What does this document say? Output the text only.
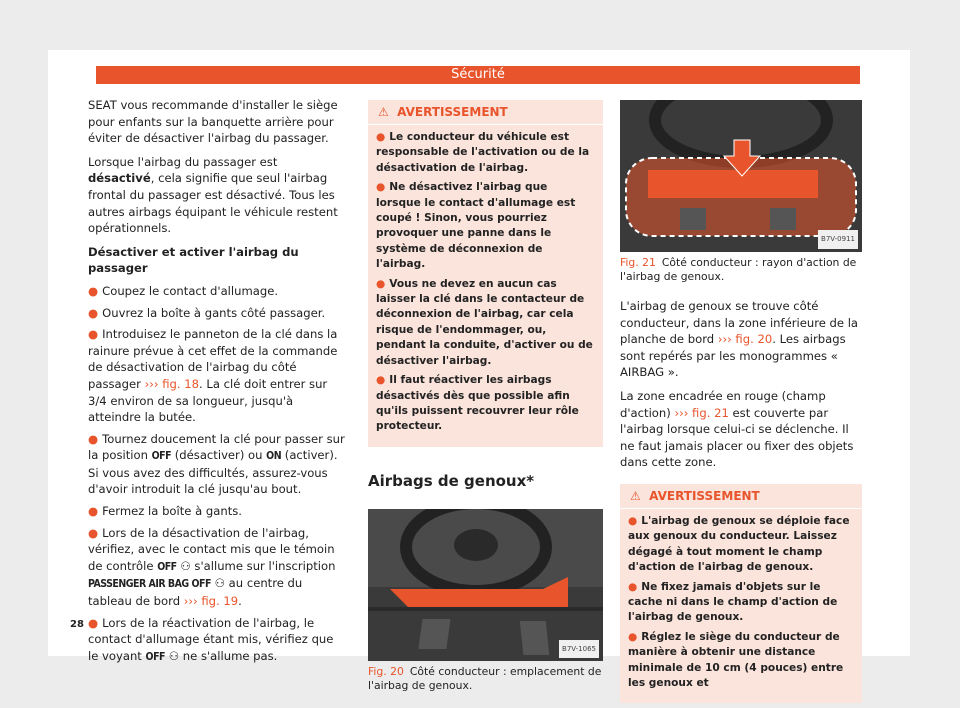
Sécurité

SEAT vous recommande d'installer le siège pour enfants sur la banquette arrière pour éviter de désactiver l'airbag du passager.

Lorsque l'airbag du passager est désactivé, cela signifie que seul l'airbag frontal du passager est désactivé. Tous les autres airbags équipant le véhicule restent opérationnels.

Désactiver et activer l'airbag du passager
● Coupez le contact d'allumage.
● Ouvrez la boîte à gants côté passager.
● Introduisez le panneton de la clé dans la rainure prévue à cet effet de la commande de désactivation de l'airbag du côté passager ››› fig. 18. La clé doit entrer sur 3/4 environ de sa longueur, jusqu'à atteindre la butée.
● Tournez doucement la clé pour passer sur la position OFF (désactiver) ou ON (activer). Si vous avez des difficultés, assurez-vous d'avoir introduit la clé jusqu'au bout.
● Fermez la boîte à gants.
● Lors de la désactivation de l'airbag, vérifiez, avec le contact mis que le témoin de contrôle OFF ⚇ s'allume sur l'inscription PASSENGER AIR BAG OFF ⚇ au centre du tableau de bord ››› fig. 19.
● Lors de la réactivation de l'airbag, le contact d'allumage étant mis, vérifiez que le voyant OFF ⚇ ne s'allume pas.
⚠ AVERTISSEMENT
● Le conducteur du véhicule est responsable de l'activation ou de la désactivation de l'airbag.
● Ne désactivez l'airbag que lorsque le contact d'allumage est coupé ! Sinon, vous pourriez provoquer une panne dans le système de déconnexion de l'airbag.
● Vous ne devez en aucun cas laisser la clé dans le contacteur de déconnexion de l'airbag, car cela risque de l'endommager, ou, pendant la conduite, d'activer ou de désactiver l'airbag.
● Il faut réactiver les airbags désactivés dès que possible afin qu'ils puissent recouvrer leur rôle protecteur.
Airbags de genoux*
B7V-1065
Fig. 20 Côté conducteur : emplacement de l'airbag de genoux.
B7V-0911
Fig. 21 Côté conducteur : rayon d'action de l'airbag de genoux.

L'airbag de genoux se trouve côté conducteur, dans la zone inférieure de la planche de bord ››› fig. 20. Les airbags sont repérés par les monogrammes « AIRBAG ».

La zone encadrée en rouge (champ d'action) ››› fig. 21 est couverte par l'airbag lorsque celui-ci se déclenche. Il ne faut jamais placer ou fixer des objets dans cette zone.

⚠ AVERTISSEMENT
● L'airbag de genoux se déploie face aux genoux du conducteur. Laissez dégagé à tout moment le champ d'action de l'airbag de genoux.
● Ne fixez jamais d'objets sur le cache ni dans le champ d'action de l'airbag de genoux.
● Réglez le siège du conducteur de manière à obtenir une distance minimale de 10 cm (4 pouces) entre les genoux et
28
